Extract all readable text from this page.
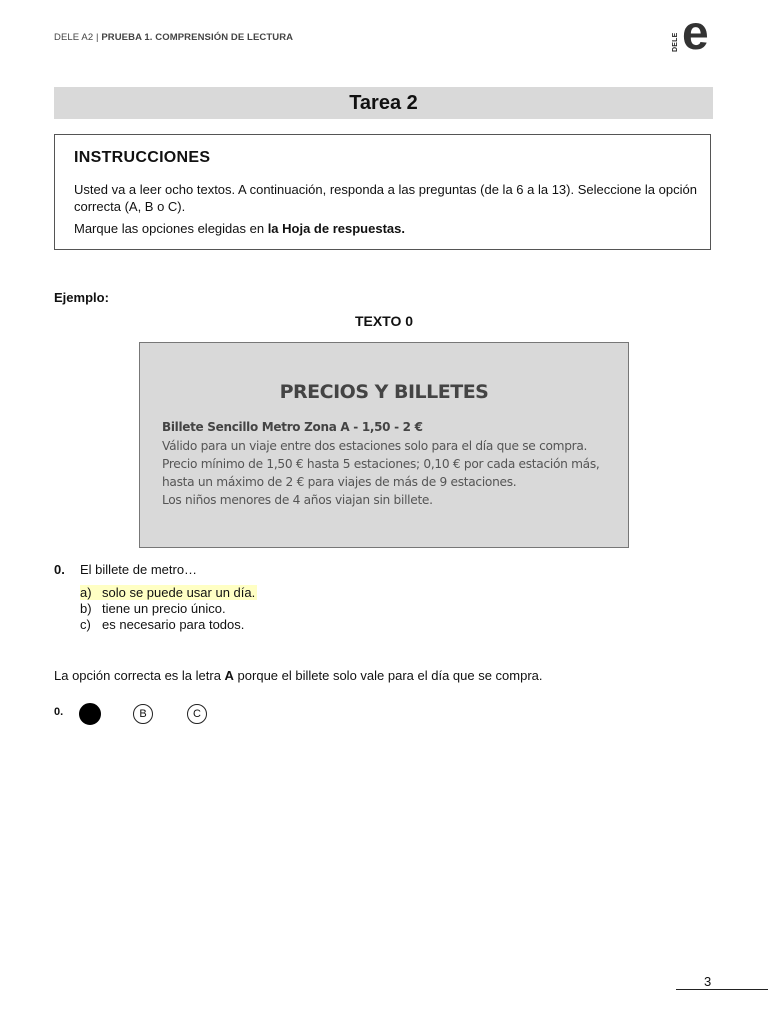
DELE A2 | PRUEBA 1. COMPRENSIÓN DE LECTURA	DELE e
Tarea 2
INSTRUCCIONES
Usted va a leer ocho textos. A continuación, responda a las preguntas (de la 6 a la 13). Seleccione la opción correcta (A, B o C).
Marque las opciones elegidas en la Hoja de respuestas.
Ejemplo:
TEXTO 0
PRECIOS Y BILLETES
Billete Sencillo Metro Zona A - 1,50 - 2 €
Válido para un viaje entre dos estaciones solo para el día que se compra.
Precio mínimo de 1,50 € hasta 5 estaciones; 0,10 € por cada estación más,
hasta un máximo de 2 € para viajes de más de 9 estaciones.
Los niños menores de 4 años viajan sin billete.
0. El billete de metro…
a) solo se puede usar un día.
b) tiene un precio único.
c) es necesario para todos.
La opción correcta es la letra A porque el billete solo vale para el día que se compra.
0.	B	C
3
